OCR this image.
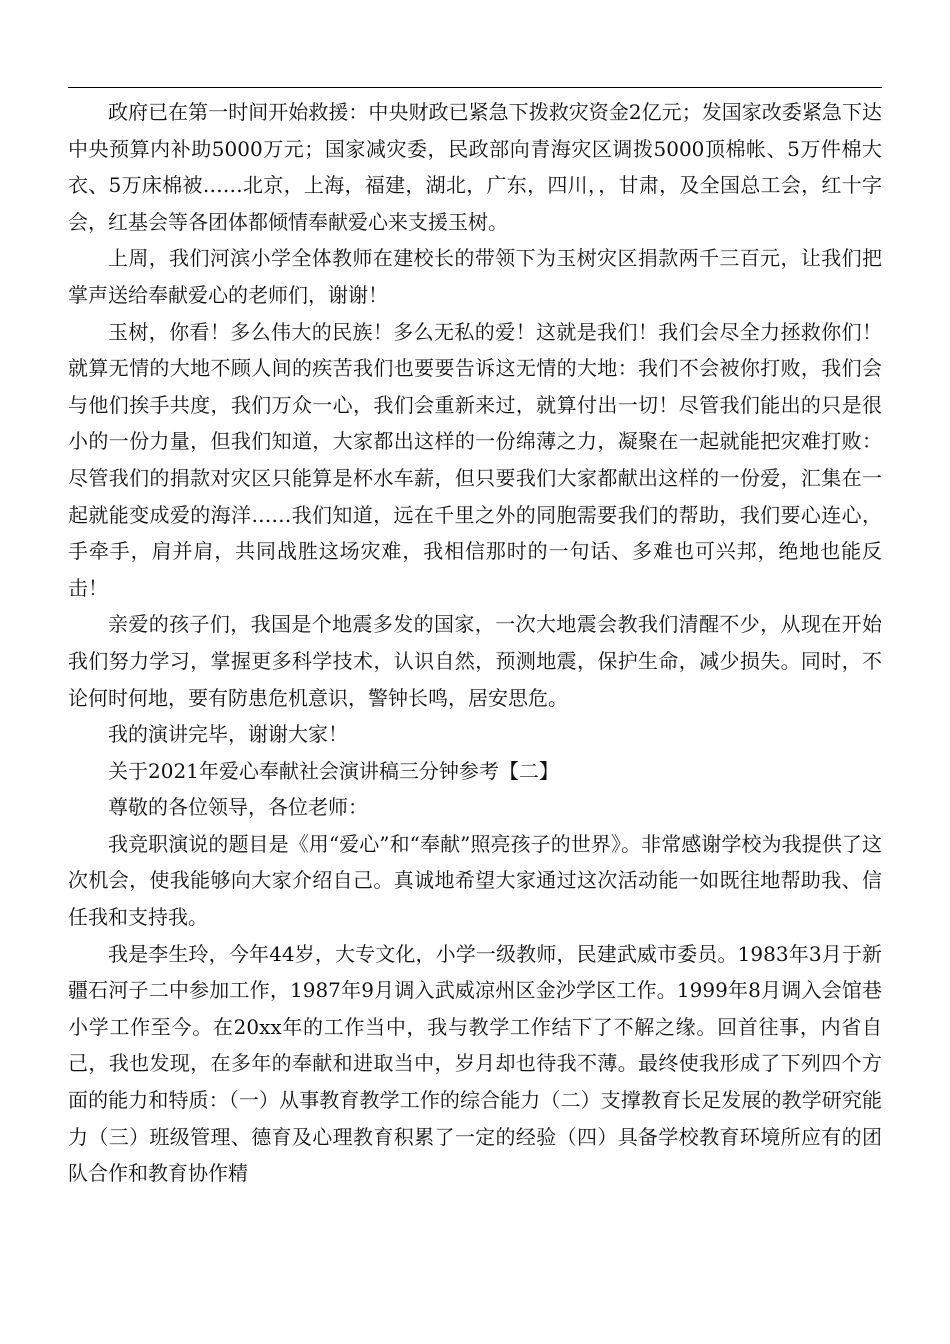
政府已在第一时间开始救援：中央财政已紧急下拨救灾资金2亿元；发国家改委紧急下达中央预算内补助5000万元；国家减灾委，民政部向青海灾区调拨5000顶棉帐、5万件棉大衣、5万床棉被……北京，上海，福建，湖北，广东，四川，，甘肃，及全国总工会，红十字会，红基会等各团体都倾情奉献爱心来支援玉树。

上周，我们河滨小学全体教师在建校长的带领下为玉树灾区捐款两千三百元，让我们把掌声送给奉献爱心的老师们，谢谢！

玉树，你看！多么伟大的民族！多么无私的爱！这就是我们！我们会尽全力拯救你们！就算无情的大地不顾人间的疾苦我们也要要告诉这无情的大地：我们不会被你打败，我们会与他们挨手共度，我们万众一心，我们会重新来过，就算付出一切！尽管我们能出的只是很小的一份力量，但我们知道，大家都出这样的一份绵薄之力，凝聚在一起就能把灾难打败：尽管我们的捐款对灾区只能算是杯水车薪，但只要我们大家都献出这样的一份爱，汇集在一起就能变成爱的海洋……我们知道，远在千里之外的同胞需要我们的帮助，我们要心连心，手牵手，肩并肩，共同战胜这场灾难，我相信那时的一句话、多难也可兴邦，绝地也能反击！

亲爱的孩子们，我国是个地震多发的国家，一次大地震会教我们清醒不少，从现在开始我们努力学习，掌握更多科学技术，认识自然，预测地震，保护生命，减少损失。同时，不论何时何地，要有防患危机意识，警钟长鸣，居安思危。

我的演讲完毕，谢谢大家！

关于2021年爱心奉献社会演讲稿三分钟参考【二】

尊敬的各位领导，各位老师：

我竞职演说的题目是《用“爱心”和“奉献”照亮孩子的世界》。非常感谢学校为我提供了这次机会，使我能够向大家介绍自己。真诚地希望大家通过这次活动能一如既往地帮助我、信任我和支持我。

我是李生玲，今年44岁，大专文化，小学一级教师，民建武威市委员。1983年3月于新疆石河子二中参加工作，1987年9月调入武威凉州区金沙学区工作。1999年8月调入会馆巷小学工作至今。在20xx年的工作当中，我与教学工作结下了不解之缘。回首往事，内省自己，我也发现，在多年的奉献和进取当中，岁月却也待我不薄。最终使我形成了下列四个方面的能力和特质：（一）从事教育教学工作的综合能力（二）支撑教育长足发展的教学研究能力（三）班级管理、德育及心理教育积累了一定的经验（四）具备学校教育环境所应有的团队合作和教育协作精
